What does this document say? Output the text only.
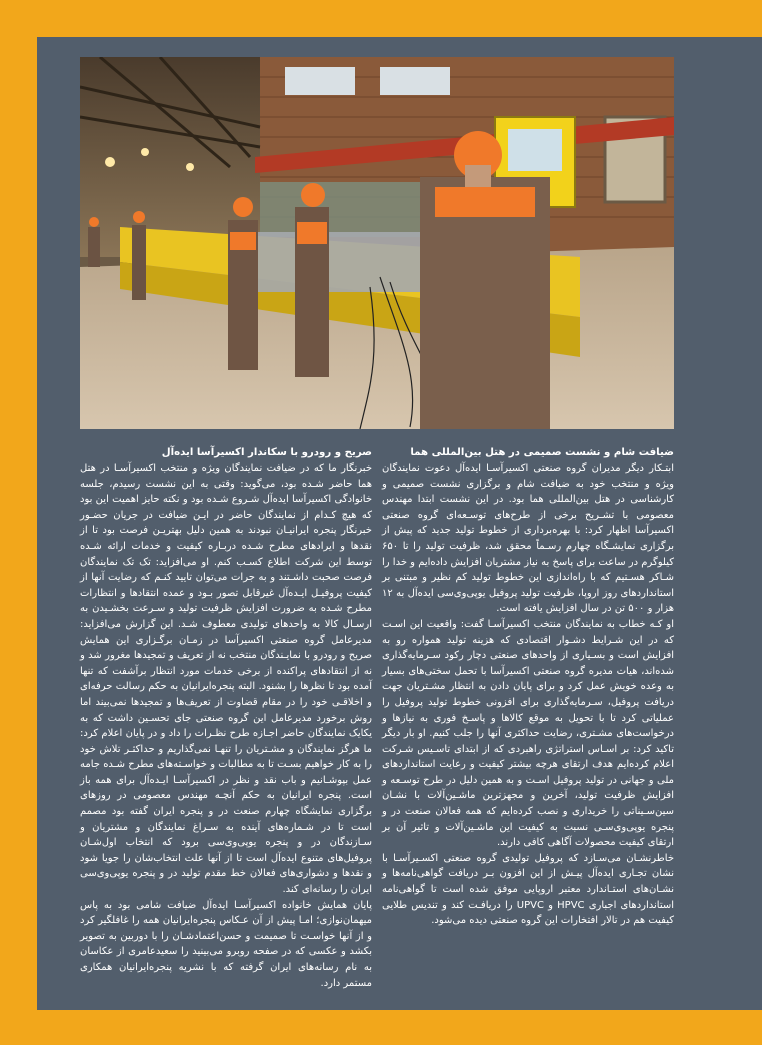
ضیافت شام و نشست صمیمی در هتل بین‌المللی هما

ابتـکار دیگر مدیران گروه صنعتی اکسیرآسـا ایده‌آل دعوت نمایندگان ویژه و منتخب خود به ضیافت شام و برگزاری نشست صمیمی و کارشناسی در هتل بین‌المللی هما بود. در این نشست ابتدا مهندس معصومی با تشـریح برخی از طرح‌های توسـعه‌ای گروه صنعتی اکسیرآسا اظهار کرد: با بهره‌برداری از خطوط تولید جدید که پیش از برگزاری نمایشـگاه چهارم رسـماً محقق شد، ظرفیت تولید را تا ۶۵۰ کیلوگرم در ساعت برای پاسخ به نیاز مشتریان افزایش داده‌ایم و خدا را شـاکر هسـتیم که با راه‌اندازی این خطوط تولید کم نظیر و مبتنی بر استانداردهای روز اروپا، ظرفیت تولید پروفیل یوپی‌وی‌سی ایده‌آل به ۱۲ هزار و ۵۰۰ تن در سال افزایش یافته است.

او کـه خطاب به نمایندگان منتخب اکسیرآسـا گفت: واقعیت این اسـت که در این شـرایط دشـوار اقتصادی که هزینه تولید همواره رو به افزایش است و بسـیاری از واحدهای صنعتی دچار رکود سـرمایه‌گذاری شده‌اند، هیات مدیره گروه صنعتی اکسیرآسا با تحمل سختی‌های بسیار به وعده خویش عمل کرد و برای پایان دادن به انتظار مشـتریان جهت دریافت پروفیل، سـرمایه‌گذاری برای افزونی خطوط تولید پروفیل را عملیاتی کرد تا با تحویل به موقع کالاها و پاسـخ فوری به نیازها و درخواست‌های مشـتری، رضایت حداکثری آنها را جلب کنیم. او بار دیگر تاکید کرد: بر اسـاس استراتژی راهبردی که از ابتدای تاسـیس شـرکت اعلام کرده‌ایم هدف ارتقای هرچه بیشتر کیفیت و رعایت استانداردهای ملی و جهانی در تولید پروفیل اسـت و به همین دلیل در طرح توسـعه و افزایش ظرفیت تولید، آخرین و مجهزترین ماشـین‌آلات با نشـان سین‌سـیناتی را خریداری و نصب کرده‌ایم که همه فعالان صنعت در و پنجره یوپی‌وی‌سـی نسبت به کیفیت این ماشـین‌آلات و تاثیر آن بر ارتقای کیفیت محصولات آگاهی کافی دارند.

خاطرنشـان می‌سـازد که پروفیل تولیدی گروه صنعتی اکسـیرآسـا با نشان تجـاری ایده‌آل پیـش از این افزون بـر دریافت گواهی‌نامه‌ها و نشـان‌های استـاندارد معتبر اروپایی موفق شده است تا گواهی‌نامه استانداردهای اجباری HPVC و UPVC را دریافـت کند و تندیس طلایی کیفیت هم در تالار افتخارات این گروه صنعتی دیده می‌شود.

صریح و رودرو با سکاندار اکسیرآسا ایده‌آل

خبرنگار ما که در ضیافت نمایندگان ویژه و منتخب اکسیرآسـا در هتل هما حاضر شـده بود، می‌گوید: وقتی به این نشست رسیدم، جلسه خانوادگی اکسیرآسا ایده‌آل شـروع شـده بود و نکته حایز اهمیت این بود که هیچ کـدام از نمایندگان حاضر در ایـن ضیافت در جریان حضـور خبرنگار پنجره ایرانیـان نبودند به همین دلیل بهتریـن فرصت بود تا از نقدها و ایرادهای مطرح شـده دربـاره کیفیت و خدمات ارائه شـده توسط این شرکت اطلاع کسـب کنم. او می‌افزاید: تک تک نمایندگان فرصت صحبت داشـتند و به جرات می‌توان تایید کنـم که رضایت آنها از کیفیت پروفیـل ایـده‌آل غیرقابل تصور بـود و عمده انتقادها و انتظارات مطرح شـده به ضرورت افزایش ظرفیت تولید و سـرعت بخشـیدن به ارسـال کالا به واحدهای تولیدی معطوف شـد. این گزارش می‌افزاید: مدیرعامل گروه صنعتی اکسیرآسا در زمـان برگـزاری این همایش صریح و رودرو با نمایـندگان منتخب نه از تعریف و تمجیدها مغرور شد و نه از انتقادهای پراکنده از برخی خدمات مورد انتظار برآشفت که تنها آمده بود تا نظرها را بشنود. البته پنجره‌ایرانیان به حکم رسالت حرفه‌ای و اخلاقـی خود را در مقام قضاوت از تعریف‌ها و تمجیدها نمی‌بیند اما روش برخورد مدیرعامل این گروه صنعتی جای تحسـین داشت که به یکایک نمایندگان حاضر اجـازه طرح نظـرات را داد و در پایان اعلام کرد: ما هرگز نمایندگان و مشـتریان را تنهـا نمی‌گذاریم و حداکثـر تلاش خود را به کار خواهیم بسـت تا به مطالبات و خواسـته‌های مطرح شـده جامه عمل بپوشـانیم و باب نقد و نظر در اکسیرآسـا ایـده‌آل برای همه باز است. پنجره ایرانیان به حکم آنچـه مهندس معصومی در روزهای برگزاری نمایشگاه چهارم صنعت در و پنجره ایران گفته بود مصمم است تا در شـماره‌های آینده به سـراغ نمایندگان و مشتریان و سـازندگان در و پنجره یوپی‌وی‌سی برود که انتخاب اول‌شـان پروفیل‌های متنوع ایده‌آل است تا از آنها علت انتخاب‌شان را جویا شود و نقدها و دشواری‌های فعالان خط مقدم تولید در و پنجره یوپی‌وی‌سی ایران را رسانه‌ای کند.

پایان همایش خانواده اکسیرآسـا ایده‌آل ضیافت شامی بود به پاس میهمان‌نوازی؛ امـا پیش از آن عـکاس پنجره‌ایرانیان همه را غافلگیر کرد و از آنها خواسـت تا صمیمت و حسن‌اعتمادشـان را با دوربین به تصویر بکشد و عکسی که در صفحه روبرو می‌بینید را سعیدعامری از عکاسان به نام رسانه‌های ایران گرفته که با نشریه پنجره‌ایرانیان همکاری مستمر دارد.
